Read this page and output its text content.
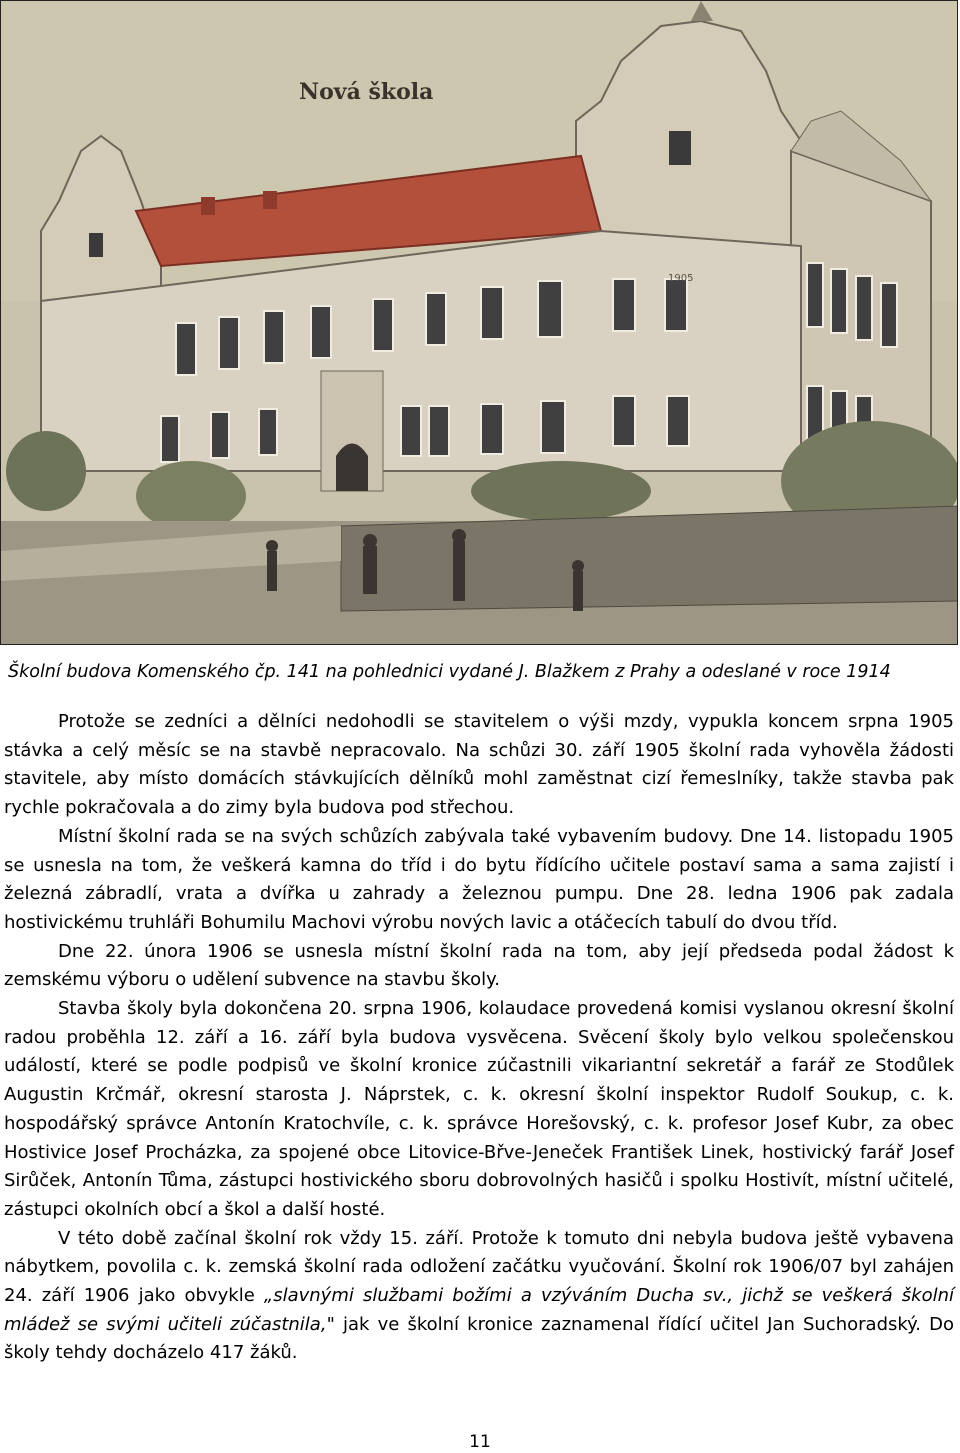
Nová škola
1905
Školní budova Komenského čp. 141 na pohlednici vydané J. Blažkem z Prahy a odeslané v roce 1914

Protože se zedníci a dělníci nedohodli se stavitelem o výši mzdy, vypukla koncem srpna 1905 stávka a celý měsíc se na stavbě nepracovalo. Na schůzi 30. září 1905 školní rada vyhověla žádosti stavitele, aby místo domácích stávkujících dělníků mohl zaměstnat cizí řemeslníky, takže stavba pak rychle pokračovala a do zimy byla budova pod střechou.

Místní školní rada se na svých schůzích zabývala také vybavením budovy. Dne 14. listopadu 1905 se usnesla na tom, že veškerá kamna do tříd i do bytu řídícího učitele postaví sama a sama zajistí i železná zábradlí, vrata a dvířka u zahrady a železnou pumpu. Dne 28. ledna 1906 pak zadala hostivickému truhláři Bohumilu Machovi výrobu nových lavic a otáčecích tabulí do dvou tříd.

Dne 22. února 1906 se usnesla místní školní rada na tom, aby její předseda podal žádost k zemskému výboru o udělení subvence na stavbu školy.

Stavba školy byla dokončena 20. srpna 1906, kolaudace provedená komisi vyslanou okresní školní radou proběhla 12. září a 16. září byla budova vysvěcena. Svěcení školy bylo velkou společenskou událostí, které se podle podpisů ve školní kronice zúčastnili vikariantní sekretář a farář ze Stodůlek Augustin Krčmář, okresní starosta J. Náprstek, c. k. okresní školní inspektor Rudolf Soukup, c. k. hospodářský správce Antonín Kratochvíle, c. k. správce Horešovský, c. k. profesor Josef Kubr, za obec Hostivice Josef Procházka, za spojené obce Litovice-Břve-Jeneček František Linek, hostivický farář Josef Sirůček, Antonín Tůma, zástupci hostivického sboru dobrovolných hasičů i spolku Hostivít, místní učitelé, zástupci okolních obcí a škol a další hosté.

V této době začínal školní rok vždy 15. září. Protože k tomuto dni nebyla budova ještě vybavena nábytkem, povolila c. k. zemská školní rada odložení začátku vyučování. Školní rok 1906/07 byl zahájen 24. září 1906 jako obvykle „slavnými službami božími a vzýváním Ducha sv., jichž se veškerá školní mládež se svými učiteli zúčastnila," jak ve školní kronice zaznamenal řídící učitel Jan Suchoradský. Do školy tehdy docházelo 417 žáků.

11
